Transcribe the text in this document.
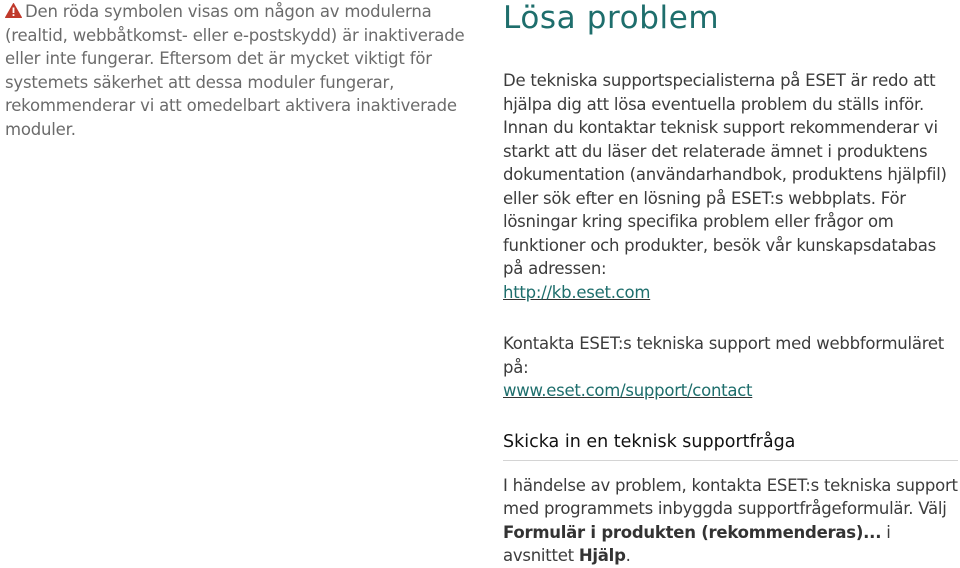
Den röda symbolen visas om någon av modulerna (realtid, webbåtkomst- eller e-postskydd) är inaktiverade eller inte fungerar. Eftersom det är mycket viktigt för systemets säkerhet att dessa moduler fungerar, rekommenderar vi att omedelbart aktivera inaktiverade moduler.
Lösa problem
De tekniska supportspecialisterna på ESET är redo att hjälpa dig att lösa eventuella problem du ställs inför. Innan du kontaktar teknisk support rekommenderar vi starkt att du läser det relaterade ämnet i produktens dokumentation (användarhandbok, produktens hjälpfil) eller sök efter en lösning på ESET:s webbplats. För lösningar kring specifika problem eller frågor om funktioner och produkter, besök vår kunskapsdatabas på adressen:
http://kb.eset.com
Kontakta ESET:s tekniska support med webbformuläret på:
www.eset.com/support/contact
Skicka in en teknisk supportfråga
I händelse av problem, kontakta ESET:s tekniska support med programmets inbyggda supportfrågeformulär. Välj Formulär i produkten (rekommenderas)... i avsnittet Hjälp.
